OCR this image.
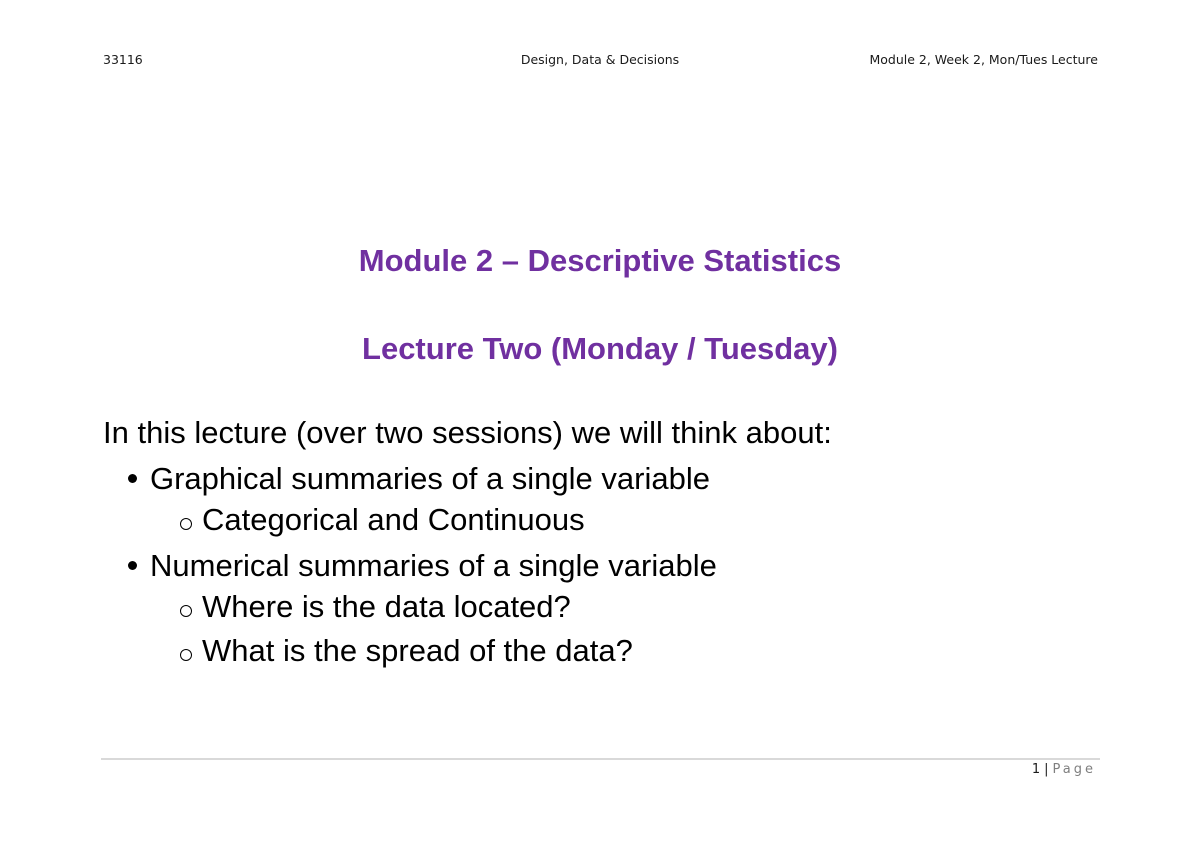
33116	Design, Data & Decisions	Module 2, Week 2, Mon/Tues Lecture
Module 2 – Descriptive Statistics
Lecture Two (Monday / Tuesday)
In this lecture (over two sessions) we will think about:
Graphical summaries of a single variable
Categorical and Continuous
Numerical summaries of a single variable
Where is the data located?
What is the spread of the data?
1 | Page
